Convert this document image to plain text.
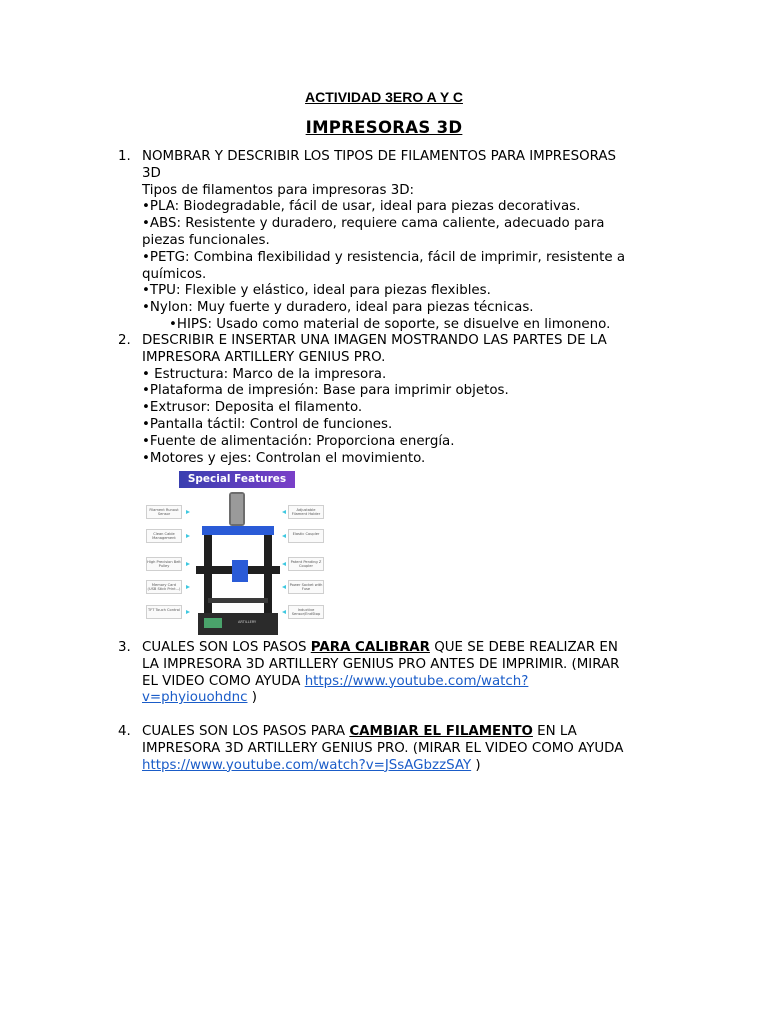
ACTIVIDAD 3ERO A Y C
IMPRESORAS 3D
1. NOMBRAR Y DESCRIBIR LOS TIPOS DE FILAMENTOS PARA IMPRESORAS
3D
Tipos de filamentos para impresoras 3D:
•PLA: Biodegradable, fácil de usar, ideal para piezas decorativas.
•ABS: Resistente y duradero, requiere cama caliente, adecuado para
piezas funcionales.
•PETG: Combina flexibilidad y resistencia, fácil de imprimir, resistente a
químicos.
•TPU: Flexible y elástico, ideal para piezas flexibles.
•Nylon: Muy fuerte y duradero, ideal para piezas técnicas.
•HIPS: Usado como material de soporte, se disuelve en limoneno.
2. DESCRIBIR E INSERTAR UNA IMAGEN MOSTRANDO LAS PARTES DE LA
IMPRESORA ARTILLERY GENIUS PRO.
• Estructura: Marco de la impresora.
•Plataforma de impresión: Base para imprimir objetos.
•Extrusor: Deposita el filamento.
•Pantalla táctil: Control de funciones.
•Fuente de alimentación: Proporciona energía.
•Motores y ejes: Controlan el movimiento.
Special Features
Filament Runout Sensor
Clean Cable Management
High Precision Belt Pulley
Memory Card (USB Stick Print...)
TFT Touch Control
Adjustable Filament Holder
Elastic Coupler
Patent Pending Z Coupler
Power Socket with Fuse
Inductive Sensor/EndStop
ARTILLERY
3. CUALES SON LOS PASOS PARA CALIBRAR QUE SE DEBE REALIZAR EN
LA IMPRESORA 3D ARTILLERY GENIUS PRO ANTES DE IMPRIMIR. (MIRAR
EL VIDEO COMO AYUDA https://www.youtube.com/watch?
v=phyiouohdnc )
4. CUALES SON LOS PASOS PARA CAMBIAR EL FILAMENTO EN LA
IMPRESORA 3D ARTILLERY GENIUS PRO. (MIRAR EL VIDEO COMO AYUDA
https://www.youtube.com/watch?v=JSsAGbzzSAY )
